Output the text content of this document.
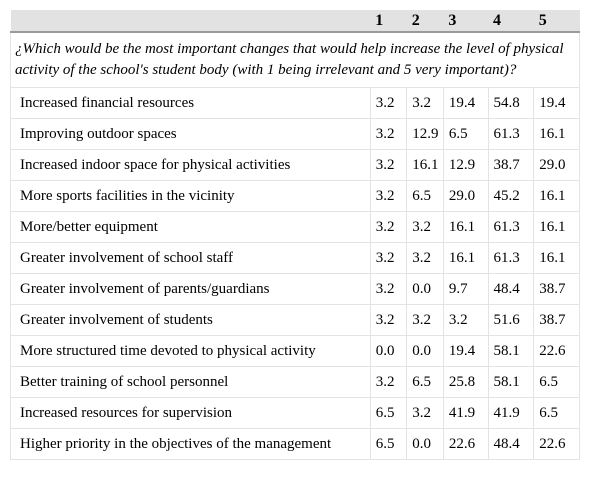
	1	2	3	4	5
¿Which would be the most important changes that would help increase the level of physical activity of the school's student body (with 1 being irrelevant and 5 very important)?					
Increased financial resources	3.2	3.2	19.4	54.8	19.4
Improving outdoor spaces	3.2	12.9	6.5	61.3	16.1
Increased indoor space for physical activities	3.2	16.1	12.9	38.7	29.0
More sports facilities in the vicinity	3.2	6.5	29.0	45.2	16.1
More/better equipment	3.2	3.2	16.1	61.3	16.1
Greater involvement of school staff	3.2	3.2	16.1	61.3	16.1
Greater involvement of parents/guardians	3.2	0.0	9.7	48.4	38.7
Greater involvement of students	3.2	3.2	3.2	51.6	38.7
More structured time devoted to physical activity	0.0	0.0	19.4	58.1	22.6
Better training of school personnel	3.2	6.5	25.8	58.1	6.5
Increased resources for supervision	6.5	3.2	41.9	41.9	6.5
Higher priority in the objectives of the management	6.5	0.0	22.6	48.4	22.6
